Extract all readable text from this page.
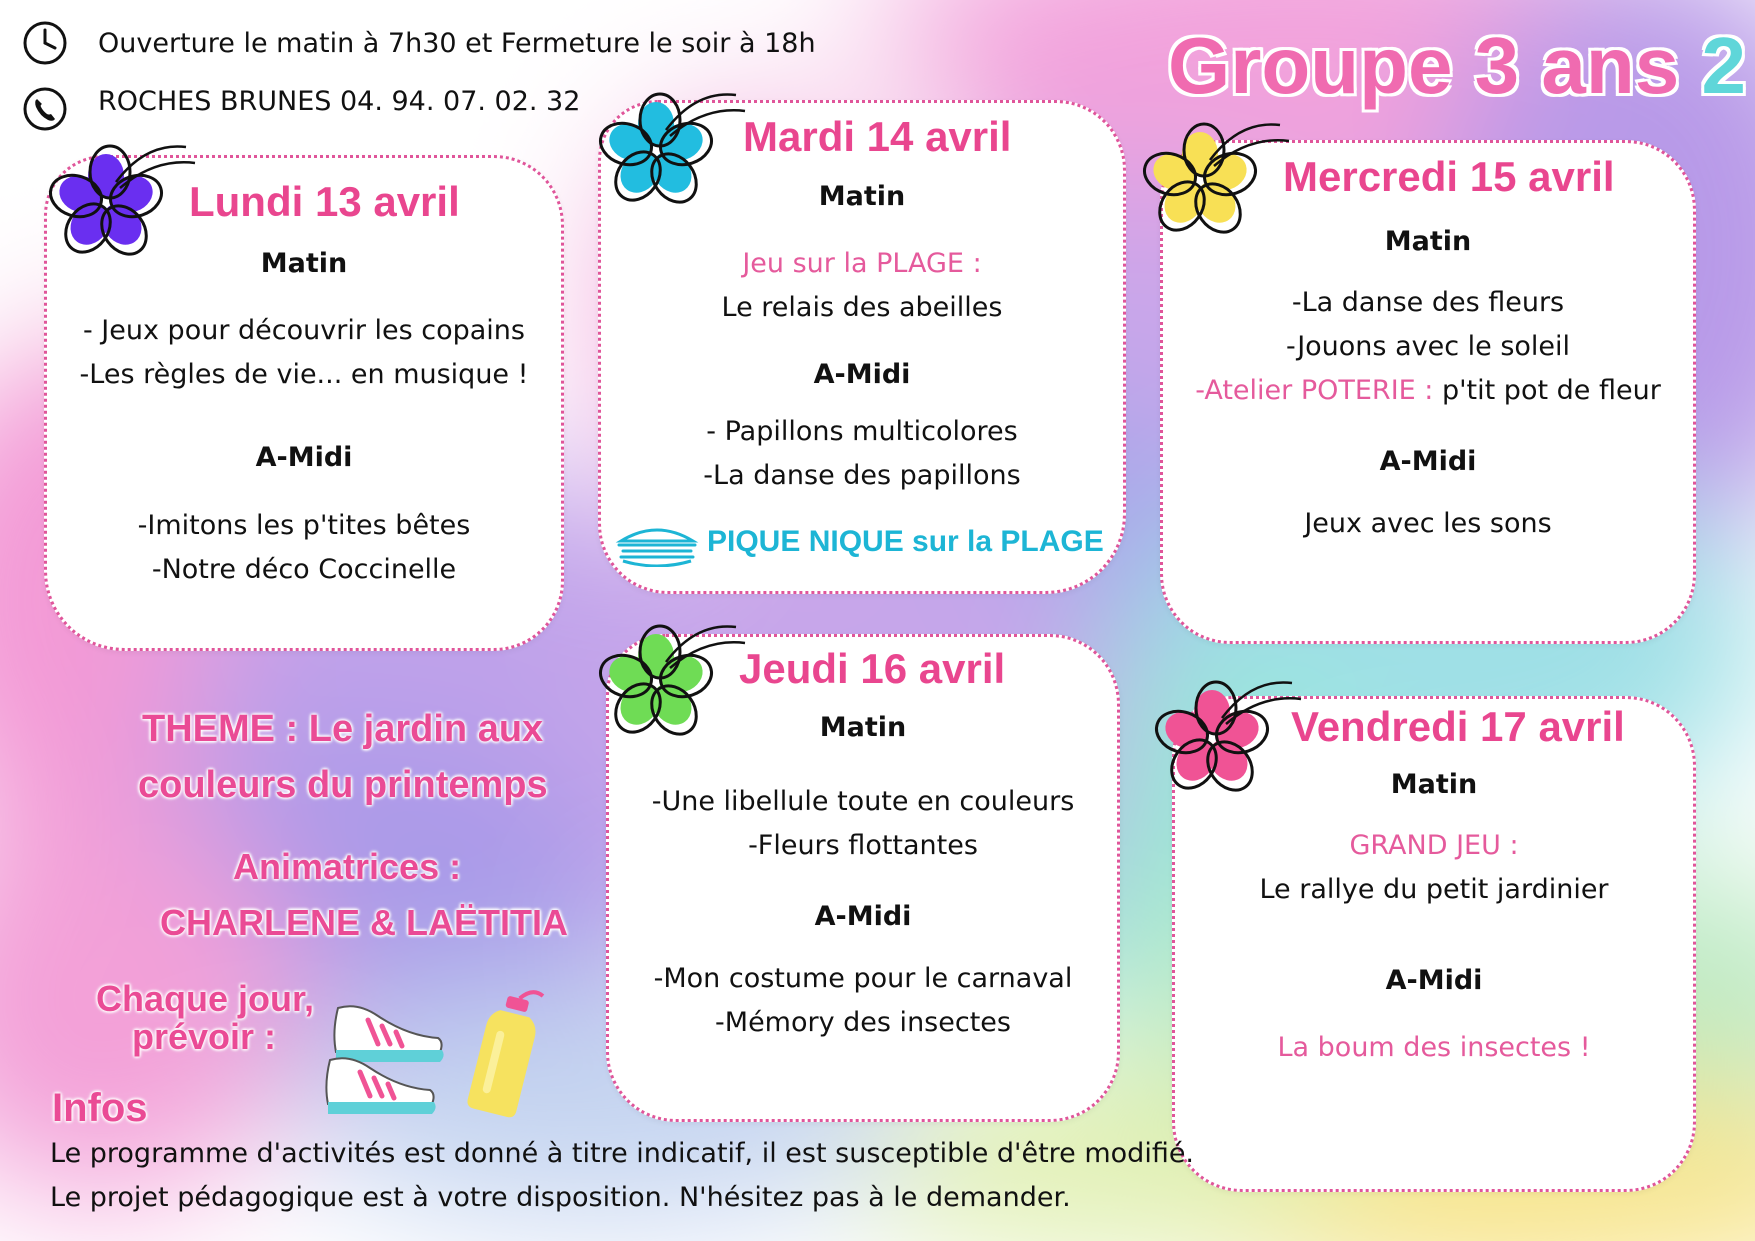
Ouverture le matin à 7h30 et Fermeture le soir à 18h
ROCHES BRUNES 04. 94. 07. 02. 32	Groupe 3 ans 2
Lundi 13 avril
Matin
- Jeux pour découvrir les copains
-Les règles de vie... en musique !
A-Midi
-Imitons les p'tites bêtes
-Notre déco Coccinelle
Mardi 14 avril
Matin
Jeu sur la PLAGE :
Le relais des abeilles
A-Midi
- Papillons multicolores
-La danse des papillons
PIQUE NIQUE sur la PLAGE
Mercredi 15 avril
Matin
-La danse des fleurs
-Jouons avec le soleil
-Atelier POTERIE : p'tit pot de fleur
A-Midi
Jeux avec les sons
Jeudi 16 avril
Matin
-Une libellule toute en couleurs
-Fleurs flottantes
A-Midi
-Mon costume pour le carnaval
-Mémory des insectes
Vendredi 17 avril
Matin
GRAND JEU :
Le rallye du petit jardinier
A-Midi
La boum des insectes !
THEME : Le jardin aux
couleurs du printemps
Animatrices :
CHARLENE & LAËTITIA
Chaque jour,
prévoir :
Infos
Le programme d'activités est donné à titre indicatif, il est susceptible d'être modifié.
Le projet pédagogique est à votre disposition. N'hésitez pas à le demander.
